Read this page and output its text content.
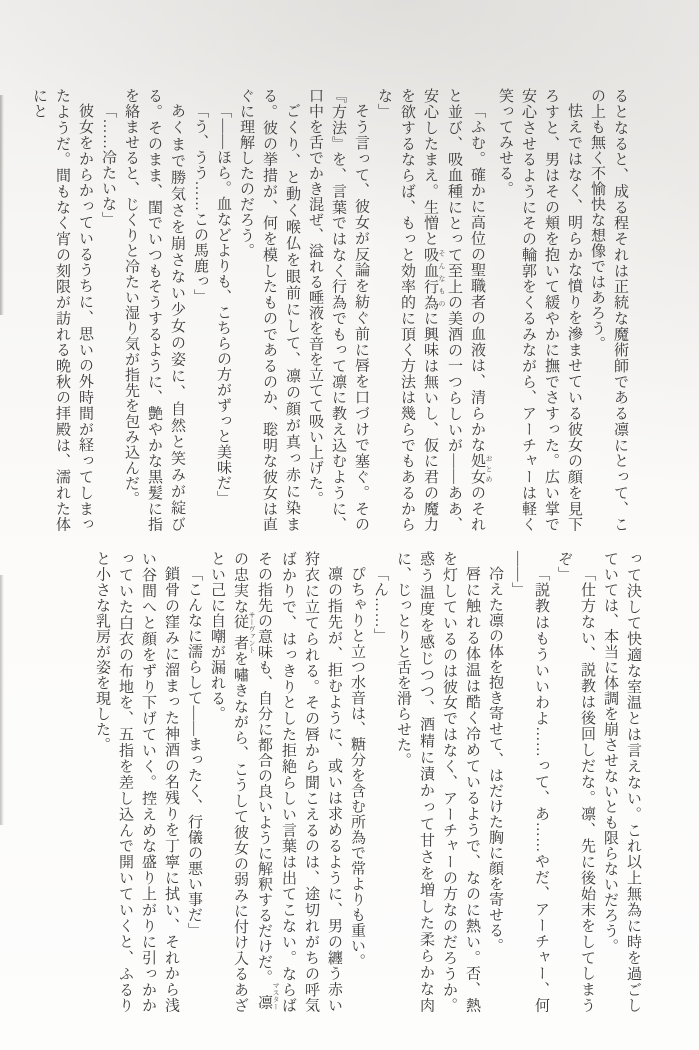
るとなると、成る程それは正統な魔術師である凛にとって、この上も無く不愉快な想像ではあろう。

怯えではなく、明らかな憤りを滲ませている彼女の顔を見下ろすと、男はその頬を抱いて緩やかに撫でさすった。広い掌で安心させるようにその輪郭をくるみながら、アーチャーは軽く笑ってみせる。

「ふむ。確かに高位の聖職者の血液は、清らかな処女 おとめのそれと並び、吸血種にとって至上の美酒の一つらしいが――ああ、安心したまえ。生憎と吸血行為 そんなものに興味は無いし、仮に君の魔力を欲するならば、もっと効率的に頂く方法は幾らでもあるからな」

そう言って、彼女が反論を紡ぐ前に唇を口づけで塞ぐ。その『方法』を、言葉ではなく行為でもって凛に教え込むように、口中を舌でかき混ぜ、溢れる唾液を音を立てて吸い上げた。

ごくり、と動く喉仏を眼前にして、凛の顔が真っ赤に染まる。彼の挙措が、何を模したものであるのか、聡明な彼女は直ぐに理解したのだろう。

「――ほら。血などよりも、こちらの方がずっと美味だ」

「う、うう……この馬鹿っ」

あくまで勝気さを崩さない少女の姿に、自然と笑みが綻びる。そのまま、閨でいつもそうするように、艶やかな黒髪に指を絡ませると、じくりと冷たい湿り気が指先を包み込んだ。

「……冷たいな」

彼女をからかっているうちに、思いの外時間が経ってしまったようだ。間もなく宵の刻限が訪れる晩秋の拝殿は、濡れた体にと

って決して快適な室温とは言えない。これ以上無為に時を過ごしていては、本当に体調を崩させないとも限らないだろう。

「仕方ない、説教は後回しだな。凛、先に後始末をしてしまうぞ」

「説教はもういいわよ……って、あ……やだ、アーチャー、何――」

冷えた凛の体を抱き寄せて、はだけた胸に顔を寄せる。

唇に触れる体温は酷く冷めているようで、なのに熱い。否、熱を灯しているのは彼女ではなく、アーチャーの方なのだろうか。惑う温度を感じつつ、酒精に漬かって甘さを増した柔らかな肉に、じっとりと舌を滑らせた。

「ん……」

ぴちゃりと立つ水音は、糖分を含む所為で常よりも重い。

凛の指先が、拒むように、或いは求めるように、男の纏う赤い狩衣に立てられる。その唇から聞こえるのは、途切れがちの呼気ばかりで、はっきりとした拒絶らしい言葉は出てこない。ならばその指先の意味も、自分に都合の良いように解釈するだけだ。凛 マスターの忠実な従者 サーヴァントを嘯きながら、こうして彼女の弱みに付け入るあざとい己に自嘲が漏れる。

「こんなに濡らして――まったく、行儀の悪い事だ」

鎖骨の窪みに溜まった神酒の名残りを丁寧に拭い、それから浅い谷間へと顔をずり下げていく。控えめな盛り上がりに引っかかっていた白衣の布地を、五指を差し込んで開いていくと、ふるりと小さな乳房が姿を現した。
